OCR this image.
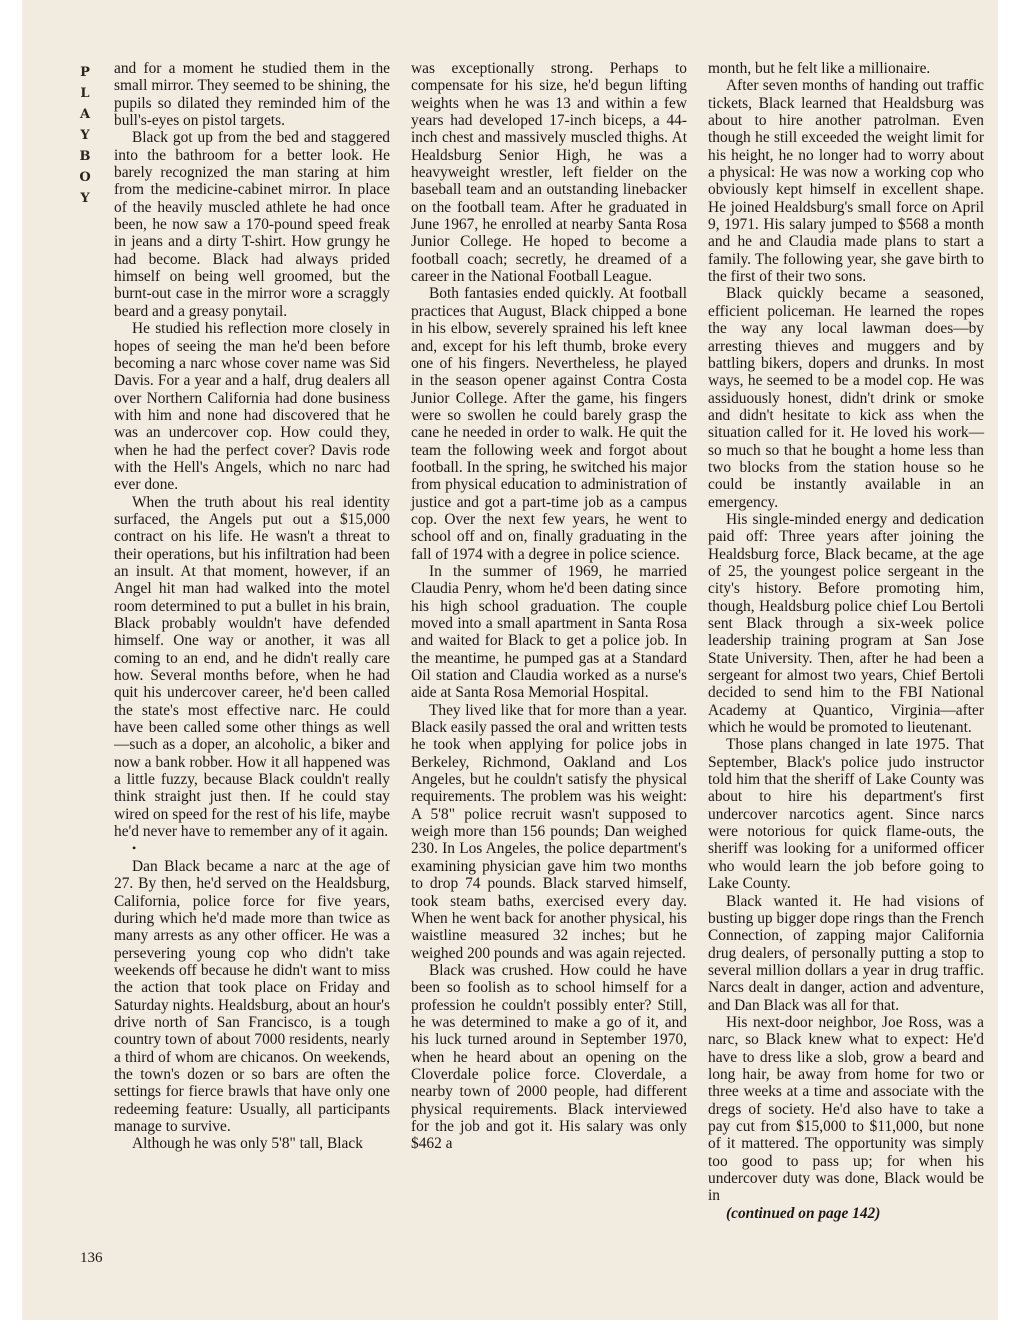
P
L
A
Y
B
O
Y

and for a moment he studied them in the small mirror. They seemed to be shining, the pupils so dilated they reminded him of the bull's-eyes on pistol targets.

Black got up from the bed and staggered into the bathroom for a better look. He barely recognized the man staring at him from the medicine-cabinet mirror. In place of the heavily muscled athlete he had once been, he now saw a 170-pound speed freak in jeans and a dirty T-shirt. How grungy he had become. Black had always prided himself on being well groomed, but the burnt-out case in the mirror wore a scraggly beard and a greasy ponytail.

He studied his reflection more closely in hopes of seeing the man he'd been before becoming a narc whose cover name was Sid Davis. For a year and a half, drug dealers all over Northern California had done business with him and none had discovered that he was an undercover cop. How could they, when he had the perfect cover? Davis rode with the Hell's Angels, which no narc had ever done.

When the truth about his real identity surfaced, the Angels put out a $15,000 contract on his life. He wasn't a threat to their operations, but his infiltration had been an insult. At that moment, however, if an Angel hit man had walked into the motel room determined to put a bullet in his brain, Black probably wouldn't have defended himself. One way or another, it was all coming to an end, and he didn't really care how. Several months before, when he had quit his undercover career, he'd been called the state's most effective narc. He could have been called some other things as well—such as a doper, an alcoholic, a biker and now a bank robber. How it all happened was a little fuzzy, because Black couldn't really think straight just then. If he could stay wired on speed for the rest of his life, maybe he'd never have to remember any of it again.

•

Dan Black became a narc at the age of 27. By then, he'd served on the Healdsburg, California, police force for five years, during which he'd made more than twice as many arrests as any other officer. He was a persevering young cop who didn't take weekends off because he didn't want to miss the action that took place on Friday and Saturday nights. Healdsburg, about an hour's drive north of San Francisco, is a tough country town of about 7000 residents, nearly a third of whom are chicanos. On weekends, the town's dozen or so bars are often the settings for fierce brawls that have only one redeeming feature: Usually, all participants manage to survive.

Although he was only 5'8" tall, Black

was exceptionally strong. Perhaps to compensate for his size, he'd begun lifting weights when he was 13 and within a few years had developed 17-inch biceps, a 44-inch chest and massively muscled thighs. At Healdsburg Senior High, he was a heavyweight wrestler, left fielder on the baseball team and an outstanding linebacker on the football team. After he graduated in June 1967, he enrolled at nearby Santa Rosa Junior College. He hoped to become a football coach; secretly, he dreamed of a career in the National Football League.

Both fantasies ended quickly. At football practices that August, Black chipped a bone in his elbow, severely sprained his left knee and, except for his left thumb, broke every one of his fingers. Nevertheless, he played in the season opener against Contra Costa Junior College. After the game, his fingers were so swollen he could barely grasp the cane he needed in order to walk. He quit the team the following week and forgot about football. In the spring, he switched his major from physical education to administration of justice and got a part-time job as a campus cop. Over the next few years, he went to school off and on, finally graduating in the fall of 1974 with a degree in police science.

In the summer of 1969, he married Claudia Penry, whom he'd been dating since his high school graduation. The couple moved into a small apartment in Santa Rosa and waited for Black to get a police job. In the meantime, he pumped gas at a Standard Oil station and Claudia worked as a nurse's aide at Santa Rosa Memorial Hospital.

They lived like that for more than a year. Black easily passed the oral and written tests he took when applying for police jobs in Berkeley, Richmond, Oakland and Los Angeles, but he couldn't satisfy the physical requirements. The problem was his weight: A 5'8" police recruit wasn't supposed to weigh more than 156 pounds; Dan weighed 230. In Los Angeles, the police department's examining physician gave him two months to drop 74 pounds. Black starved himself, took steam baths, exercised every day. When he went back for another physical, his waistline measured 32 inches; but he weighed 200 pounds and was again rejected.

Black was crushed. How could he have been so foolish as to school himself for a profession he couldn't possibly enter? Still, he was determined to make a go of it, and his luck turned around in September 1970, when he heard about an opening on the Cloverdale police force. Cloverdale, a nearby town of 2000 people, had different physical requirements. Black interviewed for the job and got it. His salary was only $462 a

month, but he felt like a millionaire.

After seven months of handing out traffic tickets, Black learned that Healdsburg was about to hire another patrolman. Even though he still exceeded the weight limit for his height, he no longer had to worry about a physical: He was now a working cop who obviously kept himself in excellent shape. He joined Healdsburg's small force on April 9, 1971. His salary jumped to $568 a month and he and Claudia made plans to start a family. The following year, she gave birth to the first of their two sons.

Black quickly became a seasoned, efficient policeman. He learned the ropes the way any local lawman does—by arresting thieves and muggers and by battling bikers, dopers and drunks. In most ways, he seemed to be a model cop. He was assiduously honest, didn't drink or smoke and didn't hesitate to kick ass when the situation called for it. He loved his work—so much so that he bought a home less than two blocks from the station house so he could be instantly available in an emergency.

His single-minded energy and dedication paid off: Three years after joining the Healdsburg force, Black became, at the age of 25, the youngest police sergeant in the city's history. Before promoting him, though, Healdsburg police chief Lou Bertoli sent Black through a six-week police leadership training program at San Jose State University. Then, after he had been a sergeant for almost two years, Chief Bertoli decided to send him to the FBI National Academy at Quantico, Virginia—after which he would be promoted to lieutenant.

Those plans changed in late 1975. That September, Black's police judo instructor told him that the sheriff of Lake County was about to hire his department's first undercover narcotics agent. Since narcs were notorious for quick flame-outs, the sheriff was looking for a uniformed officer who would learn the job before going to Lake County.

Black wanted it. He had visions of busting up bigger dope rings than the French Connection, of zapping major California drug dealers, of personally putting a stop to several million dollars a year in drug traffic. Narcs dealt in danger, action and adventure, and Dan Black was all for that.

His next-door neighbor, Joe Ross, was a narc, so Black knew what to expect: He'd have to dress like a slob, grow a beard and long hair, be away from home for two or three weeks at a time and associate with the dregs of society. He'd also have to take a pay cut from $15,000 to $11,000, but none of it mattered. The opportunity was simply too good to pass up; for when his undercover duty was done, Black would be in

(continued on page 142)

136
